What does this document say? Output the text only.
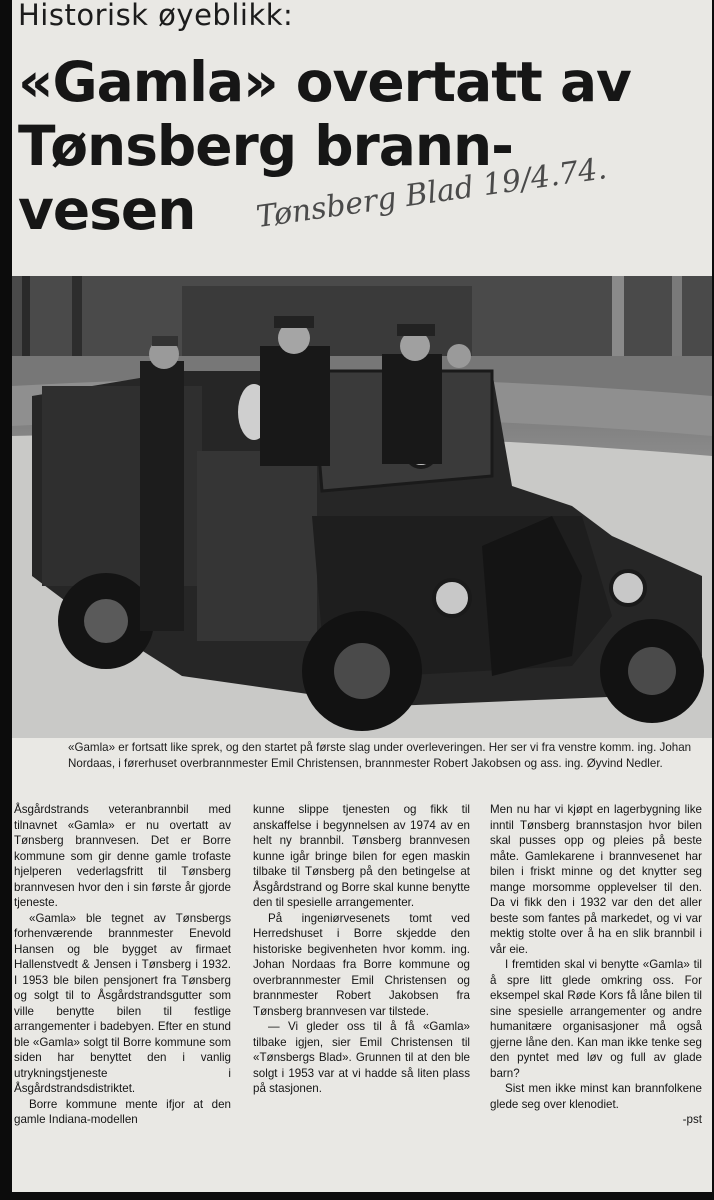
Historisk øyeblikk:
«Gamla» overtatt av
Tønsberg brann-
vesen	Tønsberg Blad 19/4.74.

«Gamla» er fortsatt like sprek, og den startet på første slag under overleveringen. Her ser vi fra venstre komm. ing. Johan Nordaas, i førerhuset overbrannmester Emil Christensen, brannmester Robert Jakobsen og ass. ing. Øyvind Nedler.

Åsgårdstrands veteranbrannbil med tilnavnet «Gamla» er nu overtatt av Tønsberg brannvesen. Det er Borre kommune som gir denne gamle trofaste hjelperen vederlagsfritt til Tønsberg brannvesen hvor den i sin første år gjorde tjeneste.

«Gamla» ble tegnet av Tønsbergs forhenværende brannmester Enevold Hansen og ble bygget av firmaet Hallenstvedt & Jensen i Tønsberg i 1932. I 1953 ble bilen pensjonert fra Tønsberg og solgt til to Åsgårdstrandsgutter som ville benytte bilen til festlige arrangementer i badebyen. Efter en stund ble «Gamla» solgt til Borre kommune som siden har benyttet den i vanlig utrykningstjeneste i Åsgårdstrandsdistriktet.

Borre kommune mente ifjor at den gamle Indiana-modellen

kunne slippe tjenesten og fikk til anskaffelse i begynnelsen av 1974 av en helt ny brannbil. Tønsberg brannvesen kunne igår bringe bilen for egen maskin tilbake til Tønsberg på den betingelse at Åsgårdstrand og Borre skal kunne benytte den til spesielle arrangementer.

På ingeniørvesenets tomt ved Herredshuset i Borre skjedde den historiske begivenheten hvor komm. ing. Johan Nordaas fra Borre kommune og overbrannmester Emil Christensen og brannmester Robert Jakobsen fra Tønsberg brannvesen var tilstede.

— Vi gleder oss til å få «Gamla» tilbake igjen, sier Emil Christensen til «Tønsbergs Blad». Grunnen til at den ble solgt i 1953 var at vi hadde så liten plass på stasjonen.

Men nu har vi kjøpt en lagerbygning like inntil Tønsberg brannstasjon hvor bilen skal pusses opp og pleies på beste måte. Gamlekarene i brannvesenet har bilen i friskt minne og det knytter seg mange morsomme opplevelser til den. Da vi fikk den i 1932 var den det aller beste som fantes på markedet, og vi var mektig stolte over å ha en slik brannbil i vår eie.

I fremtiden skal vi benytte «Gamla» til å spre litt glede omkring oss. For eksempel skal Røde Kors få låne bilen til sine spesielle arrangementer og andre humanitære organisasjoner må også gjerne låne den. Kan man ikke tenke seg den pyntet med løv og full av glade barn?

Sist men ikke minst kan brannfolkene glede seg over klenodiet.

-pst
